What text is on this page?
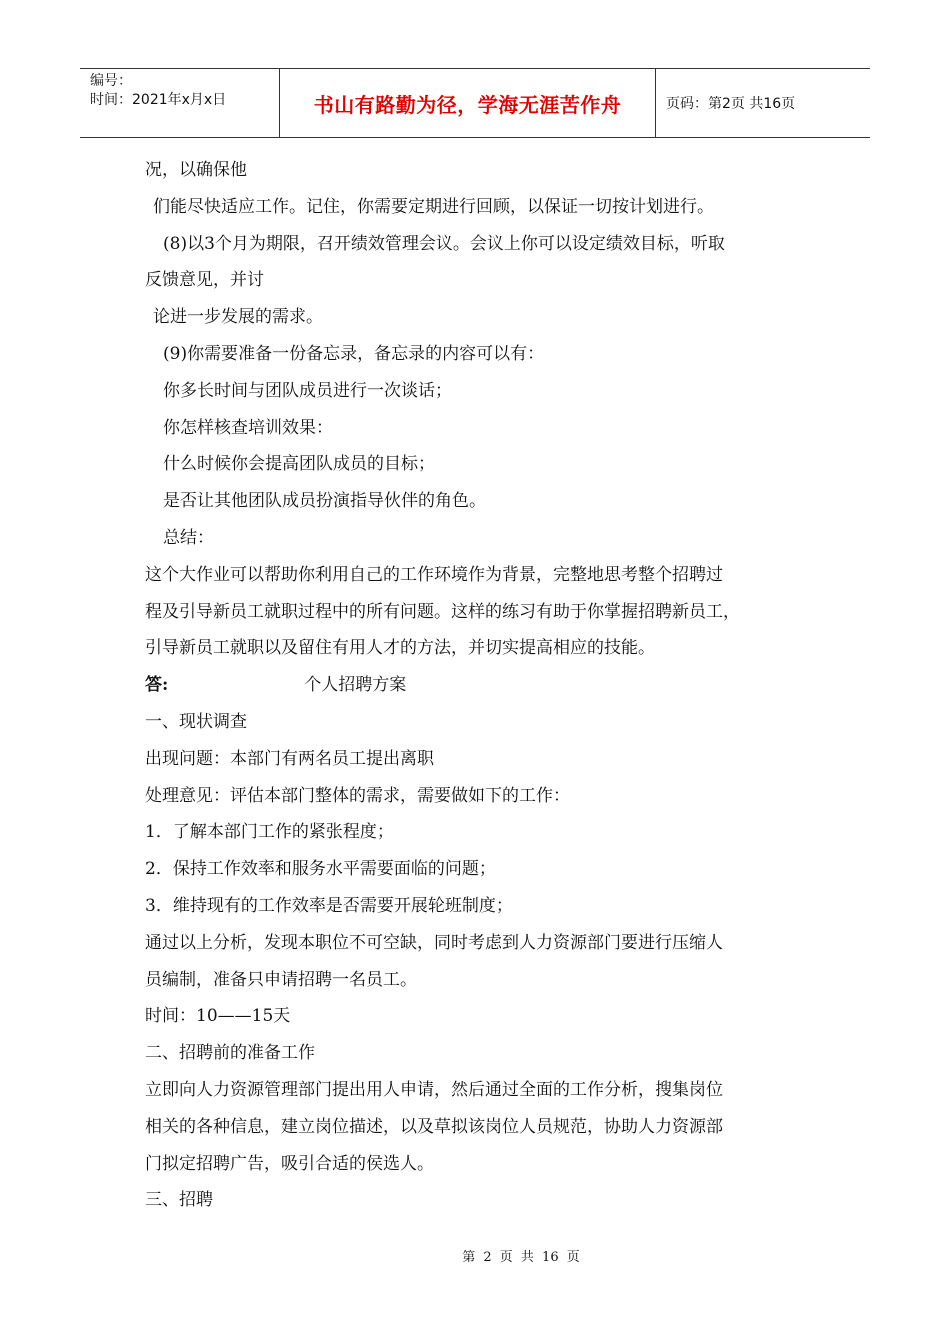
编号：
时间：2021年x月x日	书山有路勤为径，学海无涯苦作舟	页码：第2页 共16页
况，以确保他
们能尽快适应工作。记住，你需要定期进行回顾，以保证一切按计划进行。
(8)以3个月为期限，召开绩效管理会议。会议上你可以设定绩效目标，听取
反馈意见，并讨
论进一步发展的需求。
(9)你需要准备一份备忘录，备忘录的内容可以有：
你多长时间与团队成员进行一次谈话；
你怎样核查培训效果：
什么时候你会提高团队成员的目标；
是否让其他团队成员扮演指导伙伴的角色。
总结：
这个大作业可以帮助你利用自己的工作环境作为背景，完整地思考整个招聘过
程及引导新员工就职过程中的所有问题。这样的练习有助于你掌握招聘新员工，
引导新员工就职以及留住有用人才的方法，并切实提高相应的技能。
答:	个人招聘方案
一、现状调查
出现问题：本部门有两名员工提出离职
处理意见：评估本部门整体的需求，需要做如下的工作：
1．了解本部门工作的紧张程度；
2．保持工作效率和服务水平需要面临的问题；
3．维持现有的工作效率是否需要开展轮班制度；
通过以上分析，发现本职位不可空缺，同时考虑到人力资源部门要进行压缩人
员编制，准备只申请招聘一名员工。
时间：10——15天
二、招聘前的准备工作
立即向人力资源管理部门提出用人申请，然后通过全面的工作分析，搜集岗位
相关的各种信息，建立岗位描述，以及草拟该岗位人员规范，协助人力资源部
门拟定招聘广告，吸引合适的侯选人。
三、招聘
第 2 页 共 16 页
